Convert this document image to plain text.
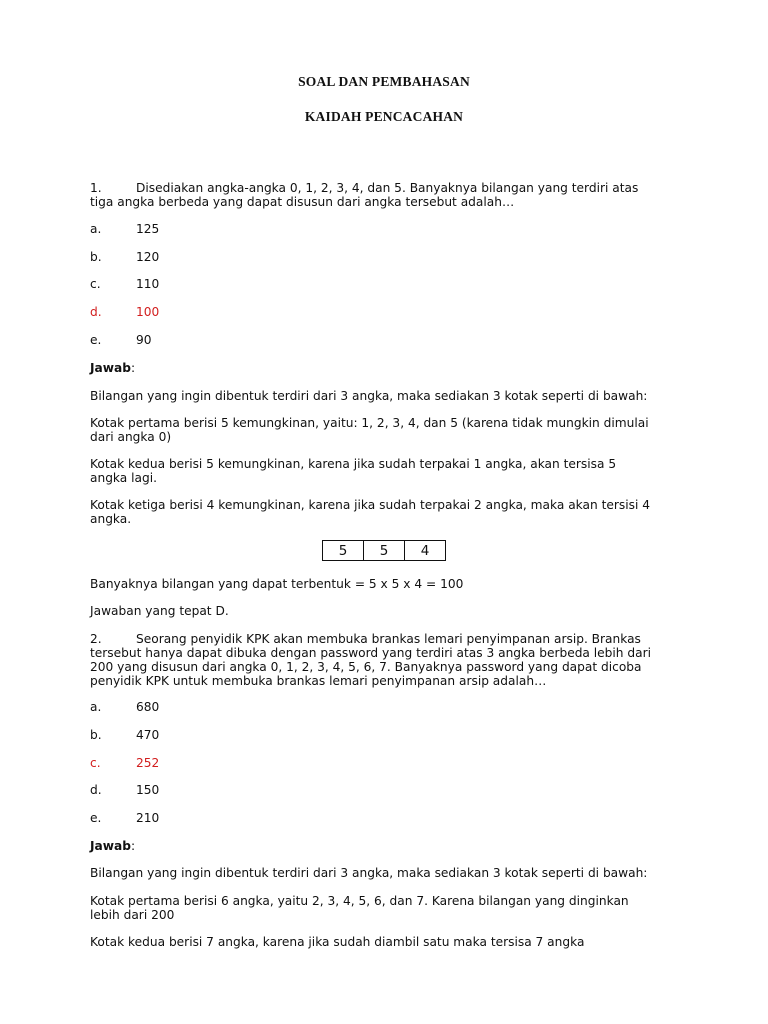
SOAL DAN PEMBAHASAN
KAIDAH PENCACAHAN
1.	Disediakan angka-angka 0, 1, 2, 3, 4, dan 5. Banyaknya bilangan yang terdiri atas
tiga angka berbeda yang dapat disusun dari angka tersebut adalah…
a.	125
b.	120
c.	110
d.	100
e.	90
Jawab:
Bilangan yang ingin dibentuk terdiri dari 3 angka, maka sediakan 3 kotak seperti di bawah:
Kotak pertama berisi 5 kemungkinan, yaitu: 1, 2, 3, 4, dan 5 (karena tidak mungkin dimulai
dari angka 0)
Kotak kedua berisi 5 kemungkinan, karena jika sudah terpakai 1 angka, akan tersisa 5
angka lagi.
Kotak ketiga berisi 4 kemungkinan, karena jika sudah terpakai 2 angka, maka akan tersisi 4
angka.
5	5	4
Banyaknya bilangan yang dapat terbentuk = 5 x 5 x 4 = 100
Jawaban yang tepat D.
2.	Seorang penyidik KPK akan membuka brankas lemari penyimpanan arsip. Brankas
tersebut hanya dapat dibuka dengan password yang terdiri atas 3 angka berbeda lebih dari
200 yang disusun dari angka 0, 1, 2, 3, 4, 5, 6, 7. Banyaknya password yang dapat dicoba
penyidik KPK untuk membuka brankas lemari penyimpanan arsip adalah…
a.	680
b.	470
c.	252
d.	150
e.	210
Jawab:
Bilangan yang ingin dibentuk terdiri dari 3 angka, maka sediakan 3 kotak seperti di bawah:
Kotak pertama berisi 6 angka, yaitu 2, 3, 4, 5, 6, dan 7. Karena bilangan yang dinginkan
lebih dari 200
Kotak kedua berisi 7 angka, karena jika sudah diambil satu maka tersisa 7 angka
